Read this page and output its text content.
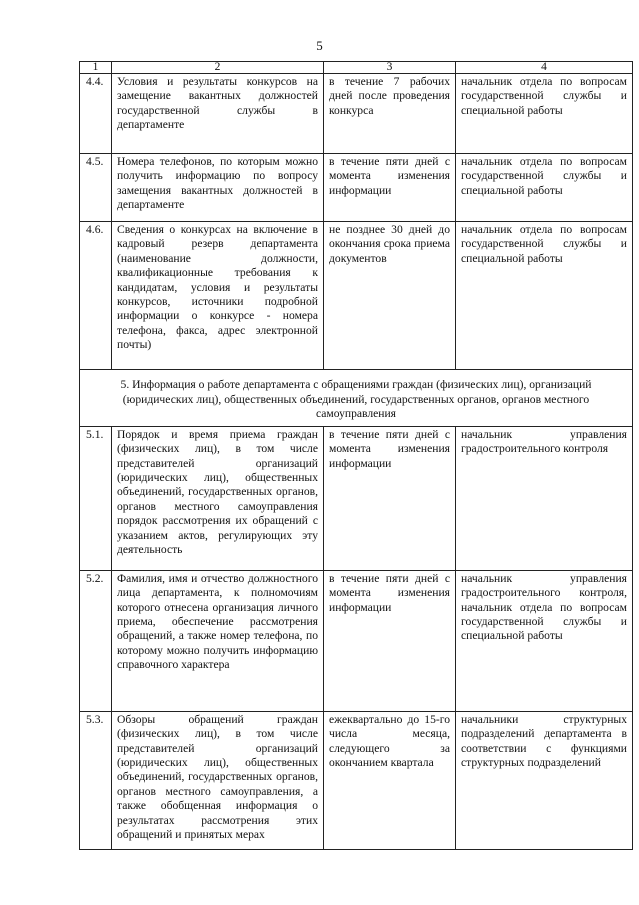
5
1	2	3	4
4.4.	Условия и результаты конкурсов на замещение вакантных должностей государственной службы в департаменте	в течение 7 рабочих дней после проведения конкурса	начальник отдела по вопросам государственной службы и специальной работы
4.5.	Номера телефонов, по которым можно получить информацию по вопросу замещения вакантных должностей в департаменте	в течение пяти дней с момента изменения информации	начальник отдела по вопросам государственной службы и специальной работы
4.6.	Сведения о конкурсах на включение в кадровый резерв департамента (наименование должности, квалификационные требования к кандидатам, условия и результаты конкурсов, источники подробной информации о конкурсе - номера телефона, факса, адрес электронной почты)	не позднее 30 дней до окончания срока приема документов	начальник отдела по вопросам государственной службы и специальной работы
5. Информация о работе департамента с обращениями граждан (физических лиц), организаций (юридических лиц), общественных объединений, государственных органов, органов местного самоуправления			
5.1.	Порядок и время приема граждан (физических лиц), в том числе представителей организаций (юридических лиц), общественных объединений, государственных органов, органов местного самоуправления порядок рассмотрения их обращений с указанием актов, регулирующих эту деятельность	в течение пяти дней с момента изменения информации	начальник управления градостроительного контроля
5.2.	Фамилия, имя и отчество должностного лица департамента, к полномочиям которого отнесена организация личного приема, обеспечение рассмотрения обращений, а также номер телефона, по которому можно получить информацию справочного характера	в течение пяти дней с момента изменения информации	начальник управления градостроительного контроля, начальник отдела по вопросам государственной службы и специальной работы
5.3.	Обзоры обращений граждан (физических лиц), в том числе представителей организаций (юридических лиц), общественных объединений, государственных органов, органов местного самоуправления, а также обобщенная информация о результатах рассмотрения этих обращений и принятых мерах	ежеквартально до 15-го числа месяца, следующего за окончанием квартала	начальники структурных подразделений департамента в соответствии с функциями структурных подразделений
